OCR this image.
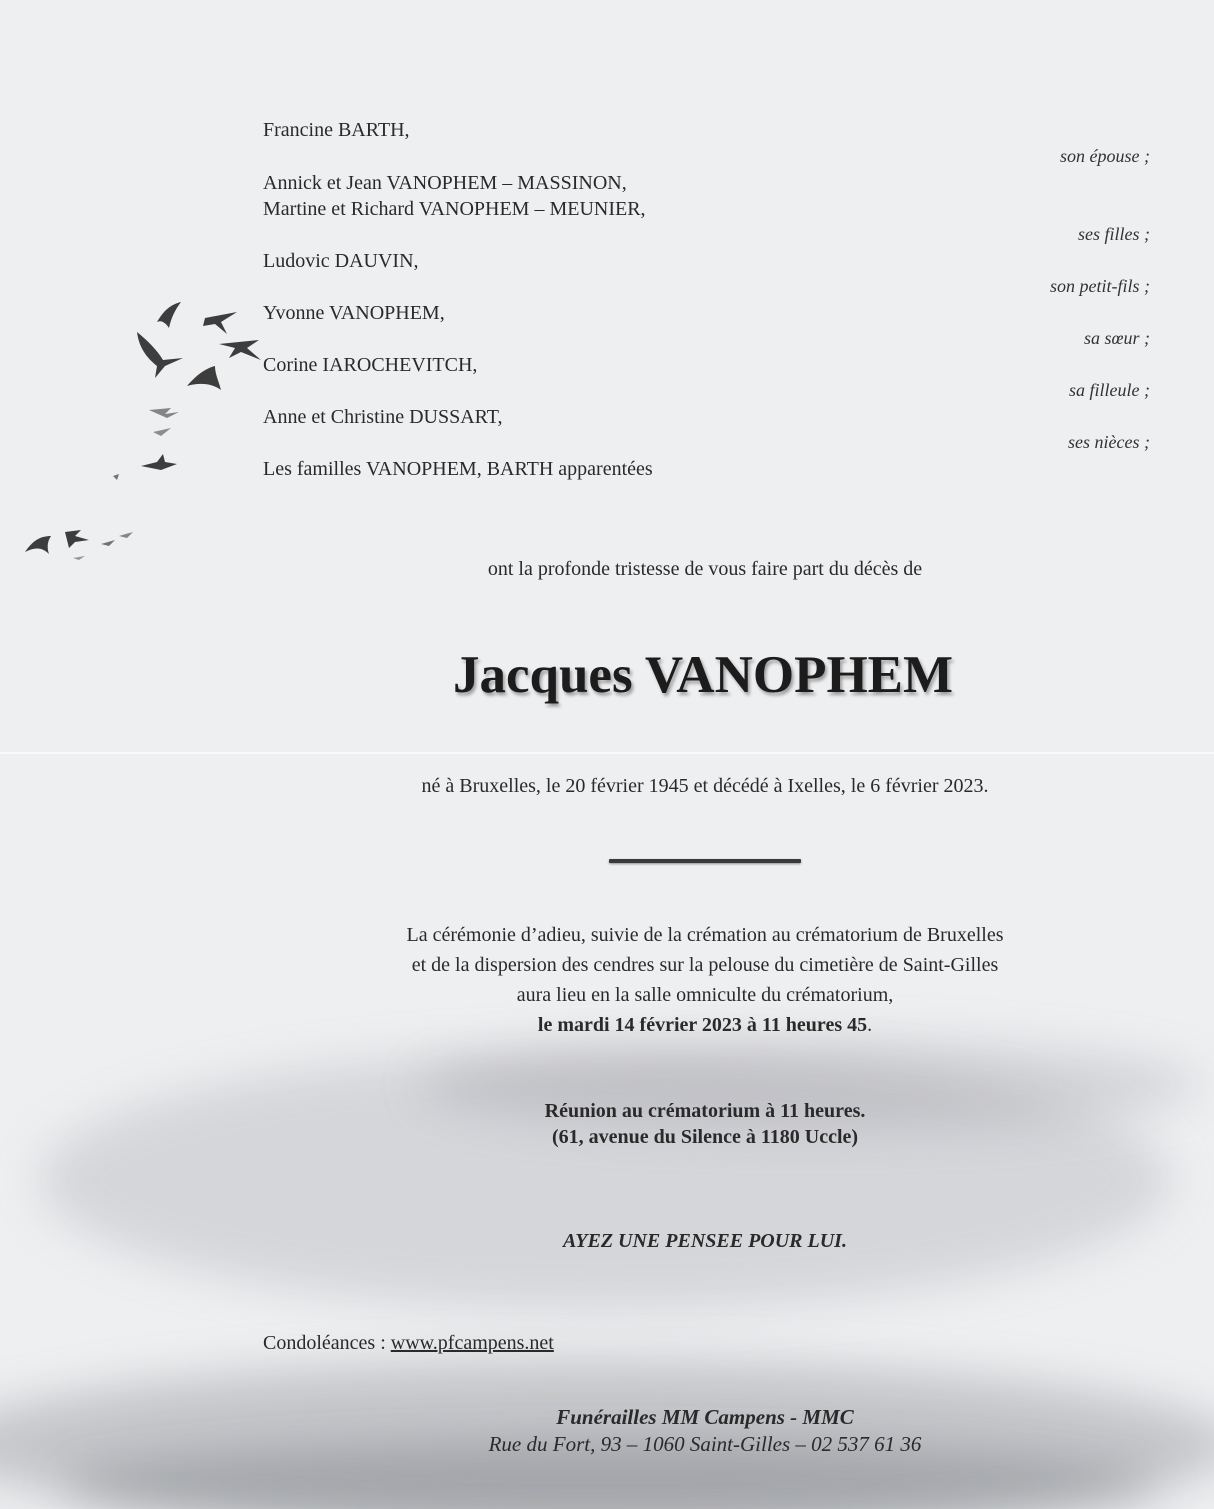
Francine BARTH,

Annick et Jean VANOPHEM – MASSINON,

Martine et Richard VANOPHEM – MEUNIER,

Ludovic DAUVIN,

Yvonne VANOPHEM,

Corine IAROCHEVITCH,

Anne et Christine DUSSART,

Les familles VANOPHEM, BARTH apparentées

son épouse ;

ses filles ;

son petit-fils ;

sa sœur ;

sa filleule ;

ses nièces ;

ont la profonde tristesse de vous faire part du décès de

Jacques VANOPHEM

né à Bruxelles, le 20 février 1945 et décédé à Ixelles, le 6 février 2023.

La cérémonie d’adieu, suivie de la crémation au crématorium de Bruxelles
et de la dispersion des cendres sur la pelouse du cimetière de Saint-Gilles
aura lieu en la salle omniculte du crématorium,
le mardi 14 février 2023 à 11 heures 45.

Réunion au crématorium à 11 heures.

(61, avenue du Silence à 1180 Uccle)

AYEZ UNE PENSEE POUR LUI.

Condoléances : www.pfcampens.net

Funérailles MM Campens - MMC

Rue du Fort, 93 – 1060 Saint-Gilles – 02 537 61 36
